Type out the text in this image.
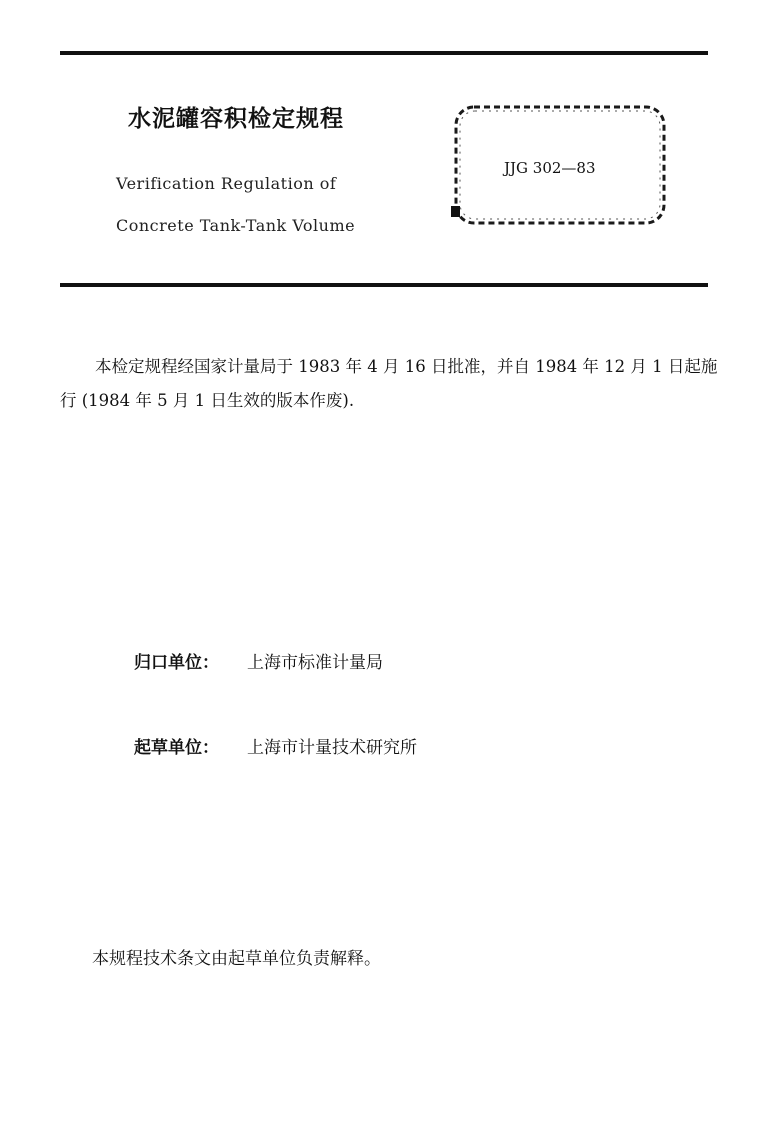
水泥罐容积检定规程
Verification Regulation of
Concrete Tank-Tank Volume
JJG 302—83
本检定规程经国家计量局于 1983 年 4 月 16 日批准，并自 1984 年 12 月 1 日起施行 (1984 年 5 月 1 日生效的版本作废).
归口单位： 上海市标准计量局
起草单位： 上海市计量技术研究所
本规程技术条文由起草单位负责解释。
